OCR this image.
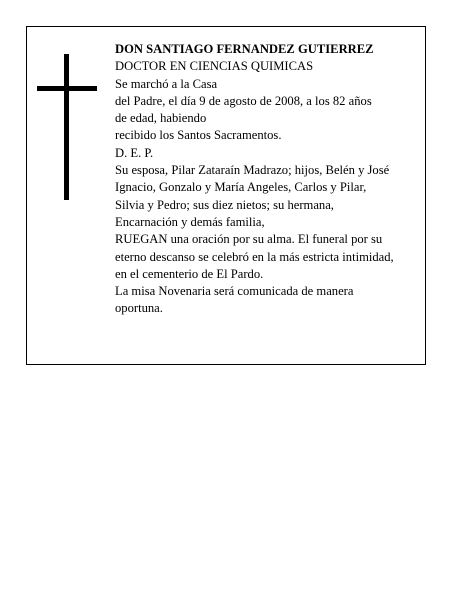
DON SANTIAGO FERNANDEZ GUTIERREZ
DOCTOR EN CIENCIAS QUIMICAS
Se marchó a la Casa
del Padre, el día 9 de agosto de 2008, a los 82 años
de edad, habiendo
recibido los Santos Sacramentos.
D. E. P.
Su esposa, Pilar Zataraín Madrazo; hijos, Belén y José
Ignacio, Gonzalo y María Angeles, Carlos y Pilar,
Silvia y Pedro; sus diez nietos; su hermana,
Encarnación y demás familia,
RUEGAN una oración por su alma. El funeral por su
eterno descanso se celebró en la más estricta intimidad,
en el cementerio de El Pardo.
La misa Novenaria será comunicada de manera
oportuna.
